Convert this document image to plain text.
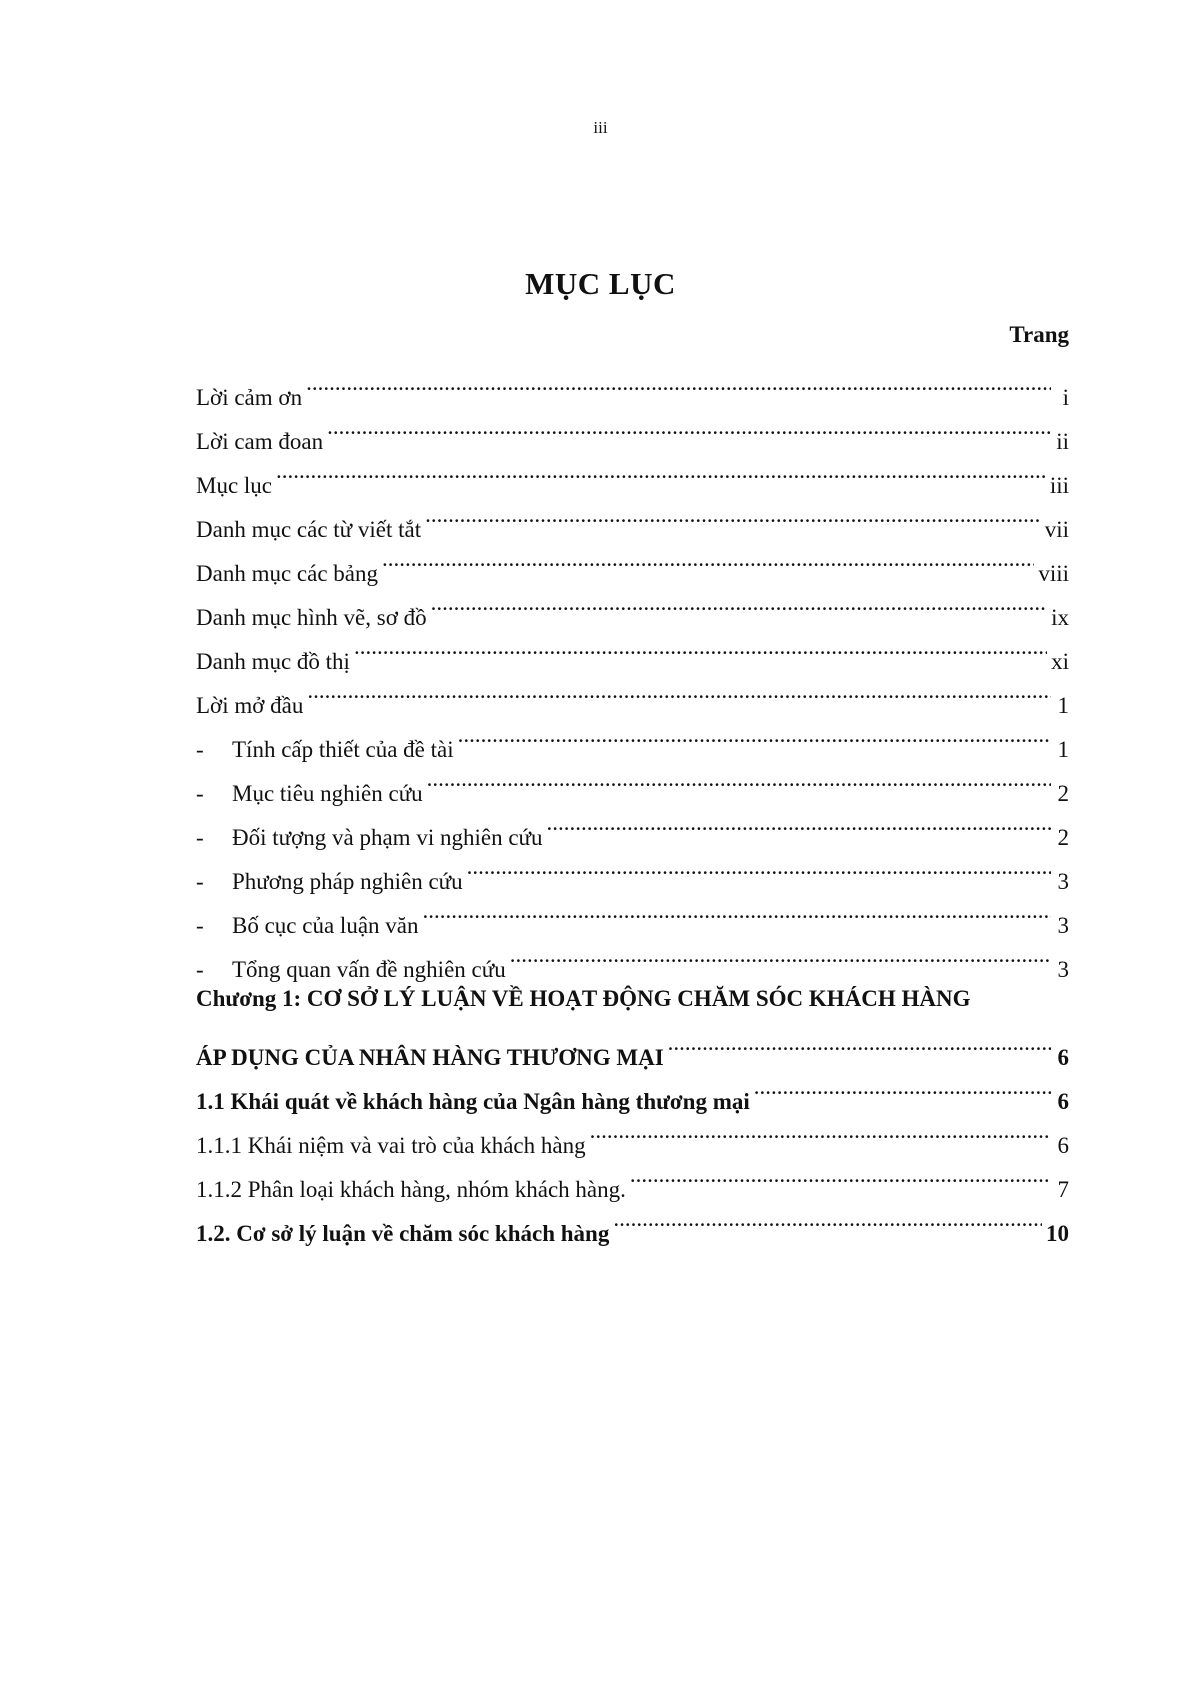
iii
MỤC LỤC
Trang
Lời cảm ơn .....	i
Lời cam đoan .....	ii
Mục lục .....	iii
Danh mục các từ viết tắt .....	vii
Danh mục các bảng .....	viii
Danh mục hình vẽ, sơ đồ .....	ix
Danh mục đồ thị .....	xi
Lời mở đầu .....	1
-	Tính cấp thiết của đề tài .....	1
-	Mục tiêu nghiên cứu .....	2
-	Đối tượng và phạm vi nghiên cứu .....	2
-	Phương pháp nghiên cứu .....	3
-	Bố cục của luận văn .....	3
-	Tổng quan vấn đề nghiên cứu .....	3
Chương 1: CƠ SỞ LÝ LUẬN VỀ HOẠT ĐỘNG CHĂM SÓC KHÁCH HÀNG
ÁP DỤNG CỦA NHÂN HÀNG THƯƠNG MẠI .....	6
1.1 Khái quát về khách hàng của Ngân hàng thương mại .....	6
1.1.1 Khái niệm và vai trò của khách hàng .....	6
1.1.2 Phân loại khách hàng, nhóm khách hàng. .....	7
1.2. Cơ sở lý luận về chăm sóc khách hàng .....	10
